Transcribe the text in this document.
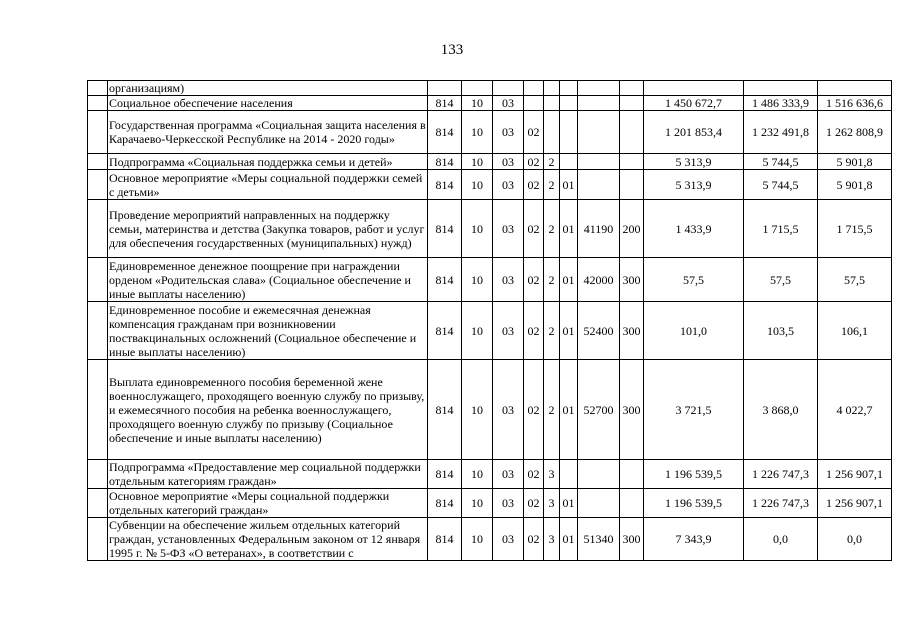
133
	организациям)											
	Социальное обеспечение населения	814	10	03						1 450 672,7	1 486 333,9	1 516 636,6
	Государственная программа «Социальная защита населения в Карачаево-Черкесской Республике на 2014 - 2020 годы»	814	10	03	02					1 201 853,4	1 232 491,8	1 262 808,9
	Подпрограмма «Социальная поддержка семьи и детей»	814	10	03	02	2				5 313,9	5 744,5	5 901,8
	Основное мероприятие «Меры социальной поддержки семей с детьми»	814	10	03	02	2	01			5 313,9	5 744,5	5 901,8
	Проведение мероприятий направленных на поддержку семьи, материнства и детства (Закупка товаров, работ и услуг для обеспечения государственных (муниципальных) нужд)	814	10	03	02	2	01	41190	200	1 433,9	1 715,5	1 715,5
	Единовременное денежное поощрение при награждении орденом «Родительская слава» (Социальное обеспечение и иные выплаты населению)	814	10	03	02	2	01	42000	300	57,5	57,5	57,5
	Единовременное пособие и ежемесячная денежная компенсация гражданам при возникновении поствакцинальных осложнений (Социальное обеспечение и иные выплаты населению)	814	10	03	02	2	01	52400	300	101,0	103,5	106,1
	Выплата единовременного пособия беременной жене военнослужащего, проходящего военную службу по призыву, и ежемесячного пособия на ребенка военнослужащего, проходящего военную службу по призыву (Социальное обеспечение и иные выплаты населению)	814	10	03	02	2	01	52700	300	3 721,5	3 868,0	4 022,7
	Подпрограмма «Предоставление мер социальной поддержки отдельным категориям граждан»	814	10	03	02	3				1 196 539,5	1 226 747,3	1 256 907,1
	Основное мероприятие «Меры социальной поддержки отдельных категорий граждан»	814	10	03	02	3	01			1 196 539,5	1 226 747,3	1 256 907,1
	Субвенции на обеспечение жильем отдельных категорий граждан, установленных Федеральным законом от 12 января 1995 г. № 5-ФЗ «О ветеранах», в соответствии с	814	10	03	02	3	01	51340	300	7 343,9	0,0	0,0
